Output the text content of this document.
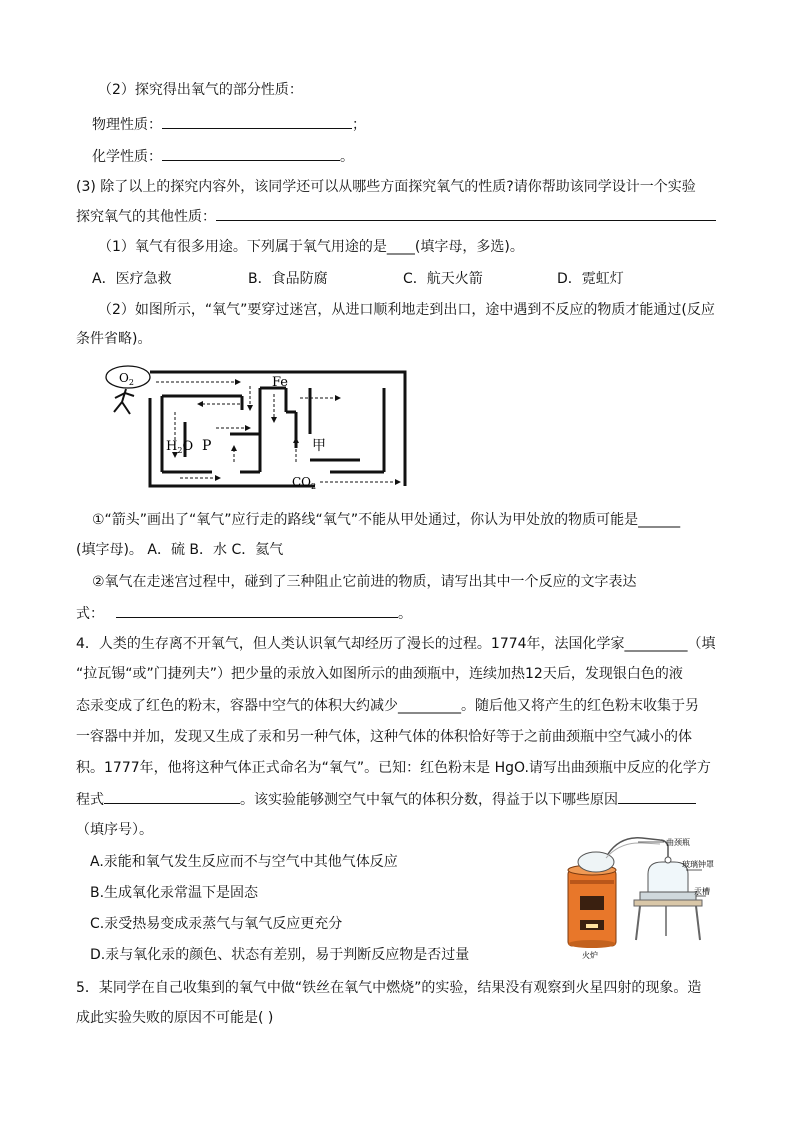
（2）探究得出氧气的部分性质：
物理性质：	；
化学性质：	。
(3) 除了以上的探究内容外，该同学还可以从哪些方面探究氧气的性质?请你帮助该同学设计一个实验
探究氧气的其他性质：
（1）氧气有很多用途。下列属于氧气用途的是____(填字母，多选)。
A．医疗急救	B．食品防腐	C．航天火箭	D．霓虹灯
（2）如图所示，“氧气”要穿过迷宫，从进口顺利地走到出口，途中遇到不反应的物质才能通过(反应
条件省略)。
$O_2$	Fe
$H_2O$ P	甲
$CO_2$
①“箭头”画出了“氧气”应行走的路线“氧气”不能从甲处通过，你认为甲处放的物质可能是______
(填字母)。 A．硫 B．水 C．氦气
②氧气在走迷宫过程中，碰到了三种阻止它前进的物质，请写出其中一个反应的文字表达
式：	。
4．人类的生存离不开氧气，但人类认识氧气却经历了漫长的过程。1774年，法国化学家_________（填
“拉瓦锡“或”门捷列夫”）把少量的汞放入如图所示的曲颈瓶中，连续加热12天后，发现银白色的液
态汞变成了红色的粉末，容器中空气的体积大约减少_________。随后他又将产生的红色粉末收集于另
一容器中并加，发现又生成了汞和另一种气体，这种气体的体积恰好等于之前曲颈瓶中空气减小的体
积。1777年，他将这种气体正式命名为“氧气”。已知：红色粉末是 HgO.请写出曲颈瓶中反应的化学方
程式	。该实验能够测空气中氧气的体积分数，得益于以下哪些原因
（填序号）。
A.汞能和氧气发生反应而不与空气中其他气体反应
B.生成氧化汞常温下是固态
C.汞受热易变成汞蒸气与氧气反应更充分
D.汞与氧化汞的颜色、状态有差别，易于判断反应物是否过量
曲颈瓶
玻璃钟罩
汞槽
火炉
5．某同学在自己收集到的氧气中做“铁丝在氧气中燃烧”的实验，结果没有观察到火星四射的现象。造
成此实验失败的原因不可能是( )
